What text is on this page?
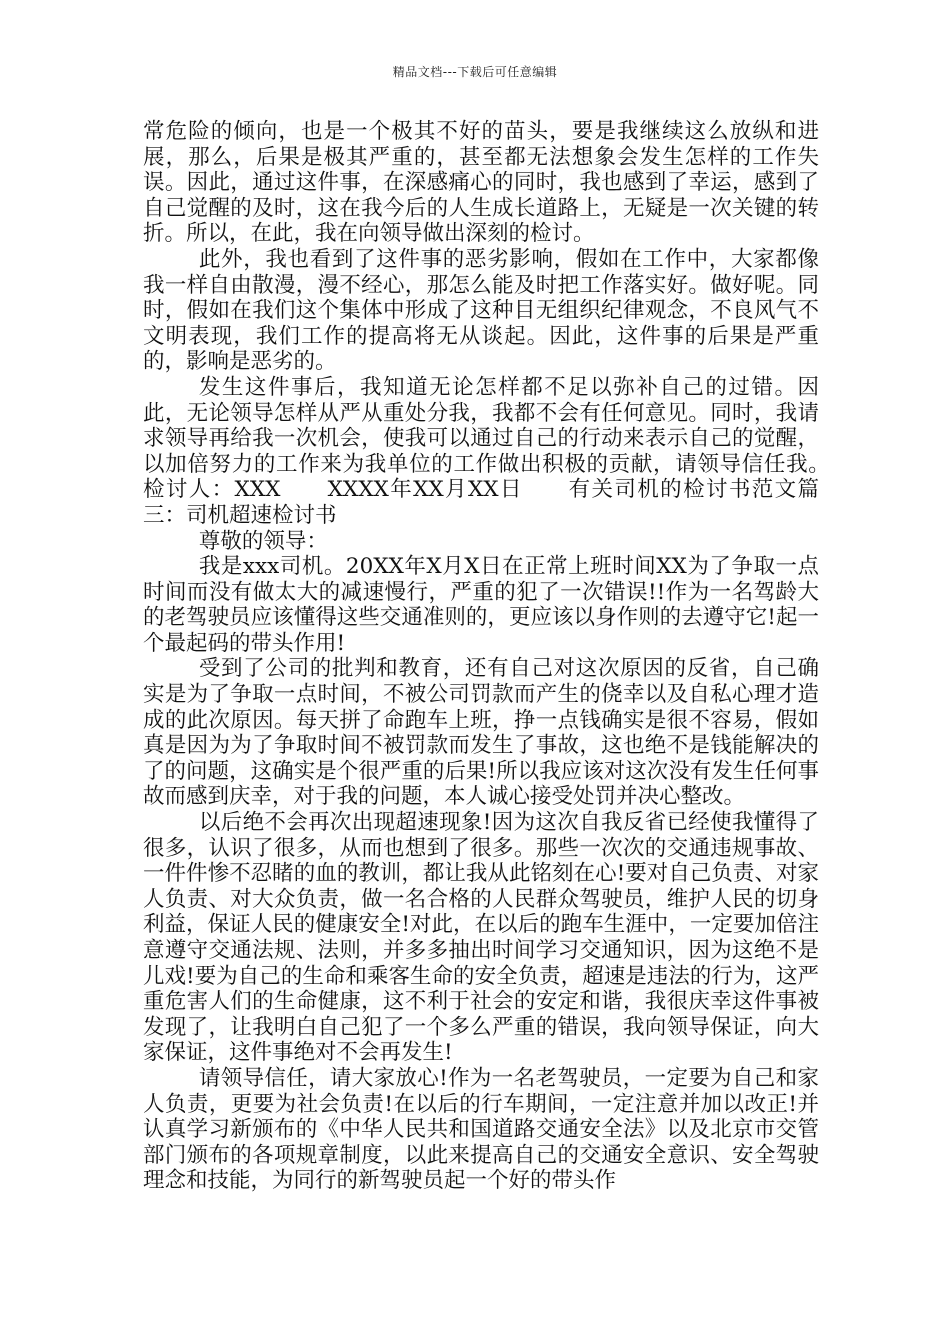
精品文档---下载后可任意编辑

常危险的倾向，也是一个极其不好的苗头，要是我继续这么放纵和进展，那么，后果是极其严重的，甚至都无法想象会发生怎样的工作失误。因此，通过这件事，在深感痛心的同时，我也感到了幸运，感到了自己觉醒的及时，这在我今后的人生成长道路上，无疑是一次关键的转折。所以，在此，我在向领导做出深刻的检讨。

此外，我也看到了这件事的恶劣影响，假如在工作中，大家都像我一样自由散漫，漫不经心，那怎么能及时把工作落实好。做好呢。同时，假如在我们这个集体中形成了这种目无组织纪律观念，不良风气不文明表现，我们工作的提高将无从谈起。因此，这件事的后果是严重的，影响是恶劣的。

发生这件事后，我知道无论怎样都不足以弥补自己的过错。因此，无论领导怎样从严从重处分我，我都不会有任何意见。同时，我请求领导再给我一次机会，使我可以通过自己的行动来表示自己的觉醒，以加倍努力的工作来为我单位的工作做出积极的贡献，请领导信任我。　　检讨人：XXX　　XXXX年XX月XX日　　有关司机的检讨书范文篇三：司机超速检讨书

尊敬的领导：

我是xxx司机。20XX年X月X日在正常上班时间XX为了争取一点时间而没有做太大的减速慢行，严重的犯了一次错误!!作为一名驾龄大的老驾驶员应该懂得这些交通准则的，更应该以身作则的去遵守它!起一个最起码的带头作用!

受到了公司的批判和教育，还有自己对这次原因的反省，自己确实是为了争取一点时间，不被公司罚款而产生的侥幸以及自私心理才造成的此次原因。每天拼了命跑车上班，挣一点钱确实是很不容易，假如真是因为为了争取时间不被罚款而发生了事故，这也绝不是钱能解决的了的问题，这确实是个很严重的后果!所以我应该对这次没有发生任何事故而感到庆幸，对于我的问题，本人诚心接受处罚并决心整改。

以后绝不会再次出现超速现象!因为这次自我反省已经使我懂得了很多，认识了很多，从而也想到了很多。那些一次次的交通违规事故、一件件惨不忍睹的血的教训，都让我从此铭刻在心!要对自己负责、对家人负责、对大众负责，做一名合格的人民群众驾驶员，维护人民的切身利益，保证人民的健康安全!对此，在以后的跑车生涯中，一定要加倍注意遵守交通法规、法则，并多多抽出时间学习交通知识，因为这绝不是儿戏!要为自己的生命和乘客生命的安全负责，超速是违法的行为，这严重危害人们的生命健康，这不利于社会的安定和谐，我很庆幸这件事被发现了，让我明白自己犯了一个多么严重的错误，我向领导保证，向大家保证，这件事绝对不会再发生!

请领导信任，请大家放心!作为一名老驾驶员，一定要为自己和家人负责，更要为社会负责!在以后的行车期间，一定注意并加以改正!并认真学习新颁布的《中华人民共和国道路交通安全法》以及北京市交管部门颁布的各项规章制度，以此来提高自己的交通安全意识、安全驾驶理念和技能，为同行的新驾驶员起一个好的带头作
